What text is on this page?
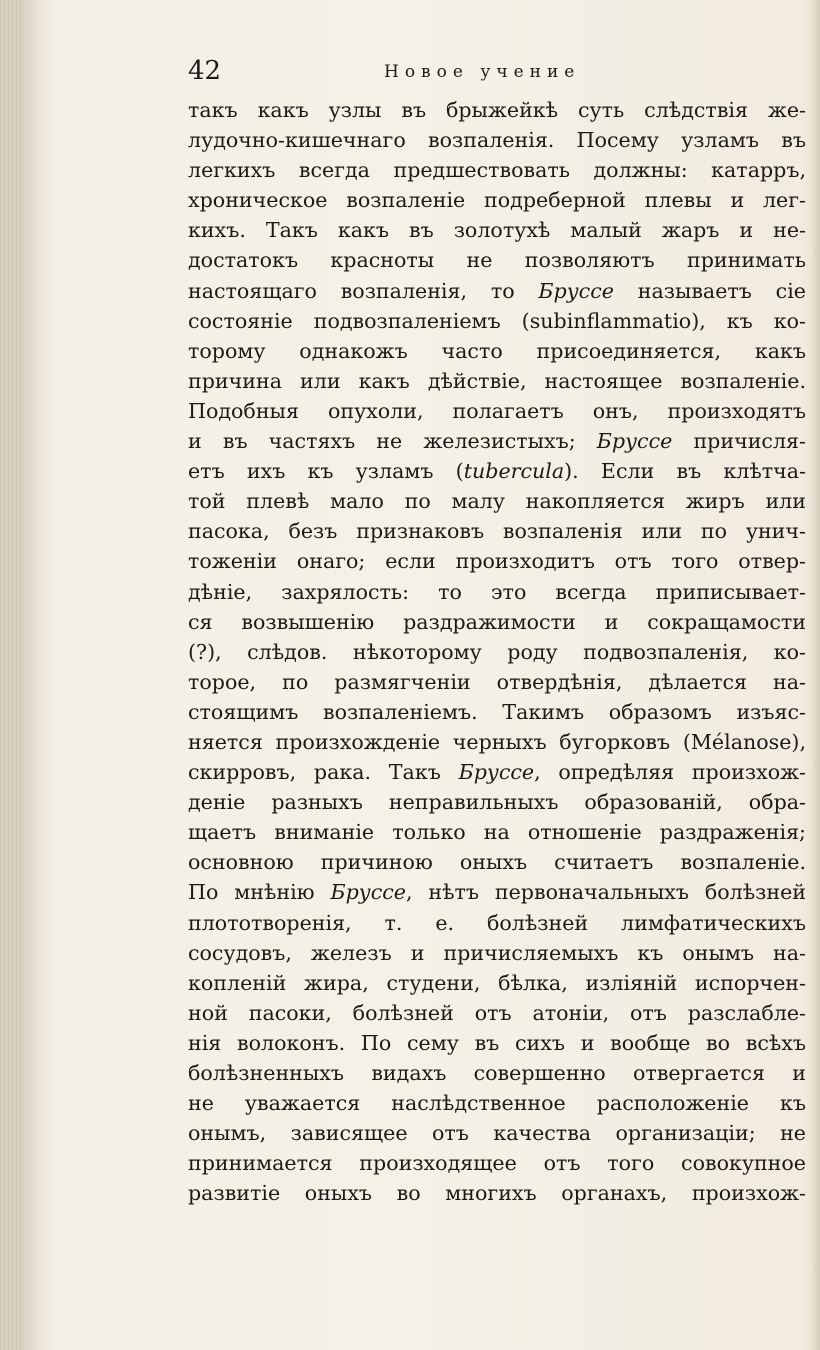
42	Новое учение
такъ какъ узлы въ брыжейкѣ суть слѣдствія же-
лудочно-кишечнаго возпаленія. Посему узламъ въ
легкихъ всегда предшествовать должны: катарръ,
хроническое возпаленіе подреберной плевы и лег-
кихъ. Такъ какъ въ золотухѣ малый жаръ и не-
достатокъ красноты не позволяютъ принимать
настоящаго возпаленія, то Бруссе называетъ сіе
состояніе подвозпаленіемъ (subinflammatio), къ ко-
торому однакожъ часто присоединяется, какъ
причина или какъ дѣйствіе, настоящее возпаленіе.
Подобныя опухоли, полагаетъ онъ, произходятъ
и въ частяхъ не железистыхъ; Бруссе причисля-
етъ ихъ къ узламъ (tubercula). Если въ клѣтча-
той плевѣ мало по малу накопляется жиръ или
пасока, безъ признаковъ возпаленія или по унич-
тоженіи онаго; если произходитъ отъ того отвер-
дѣніе, захрялость: то это всегда приписывает-
ся возвышенію раздражимости и сокращамости
(?), слѣдов. нѣкоторому роду подвозпаленія, ко-
торое, по размягченіи отвердѣнія, дѣлается на-
стоящимъ возпаленіемъ. Такимъ образомъ изъяс-
няется произхожденіе черныхъ бугорковъ (Mélanose),
скирровъ, рака. Такъ Бруссе, опредѣляя произхож-
деніе разныхъ неправильныхъ образованій, обра-
щаетъ вниманіе только на отношеніе раздраженія;
основною причиною оныхъ считаетъ возпаленіе.
По мнѣнію Бруссе, нѣтъ первоначальныхъ болѣзней
плототворенія, т. е. болѣзней лимфатическихъ
сосудовъ, железъ и причисляемыхъ къ онымъ на-
копленій жира, студени, бѣлка, изліяній испорчен-
ной пасоки, болѣзней отъ атоніи, отъ разслабле-
нія волоконъ. По сему въ сихъ и вообще во всѣхъ
болѣзненныхъ видахъ совершенно отвергается и
не уважается наслѣдственное расположеніе къ
онымъ, зависящее отъ качества организаціи; не
принимается произходящее отъ того совокупное
развитіе оныхъ во многихъ органахъ, произхож-
